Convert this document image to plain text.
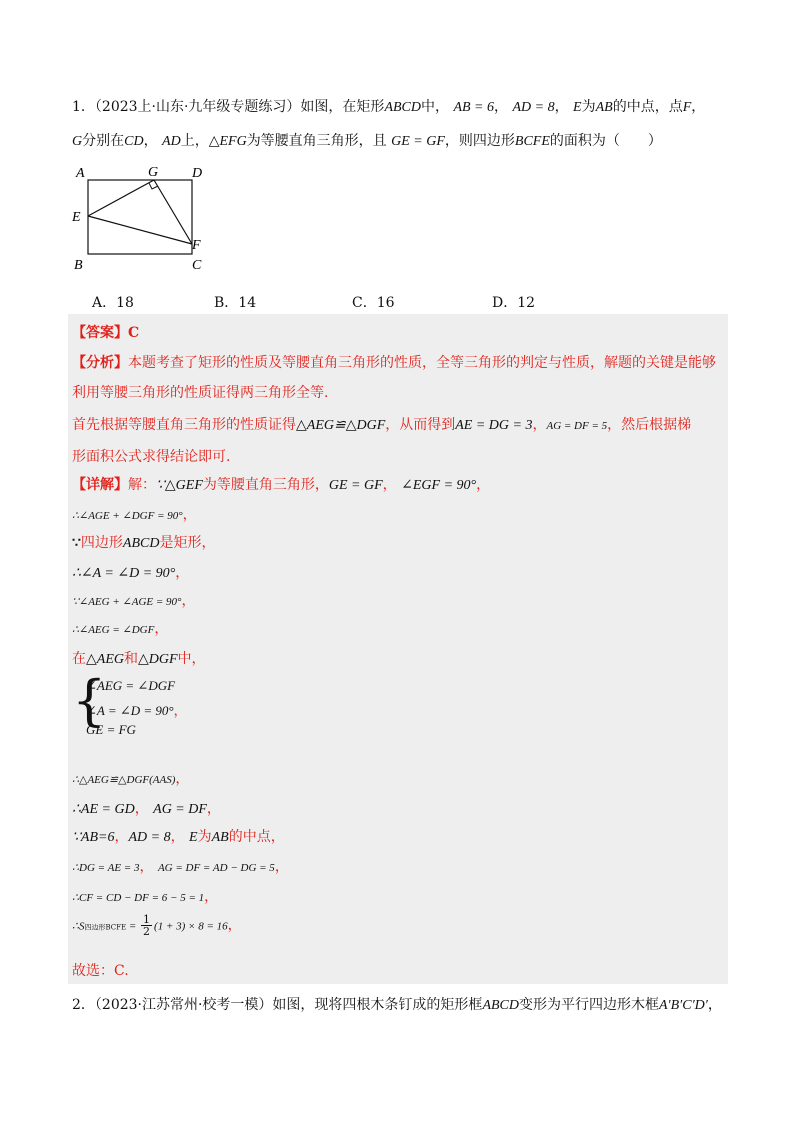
1．（2023上·山东·九年级专题练习）如图，在矩形ABCD中， AB = 6， AD = 8， E为AB的中点，点F，
G分别在CD， AD上，△EFG为等腰直角三角形，且 GE = GF，则四边形BCFE的面积为（　　）
A	G D
E
F
B	C
A．18	B．14	C．16	D．12
【答案】C
【分析】本题考查了矩形的性质及等腰直角三角形的性质，全等三角形的判定与性质，解题的关键是能够
利用等腰三角形的性质证得两三角形全等.
首先根据等腰直角三角形的性质证得△AEG≌△DGF，从而得到AE = DG = 3，AG = DF = 5，然后根据梯
形面积公式求得结论即可.
【详解】解：∵△GEF为等腰直角三角形，GE = GF， ∠EGF = 90°，
∴∠AGE + ∠DGF = 90°，
∵四边形ABCD是矩形，
∴∠A = ∠D = 90°，
∵∠AEG + ∠AGE = 90°，
∴∠AEG = ∠DGF，
在△AEG和△DGF中，
{
∠AEG = ∠DGF
∠A = ∠D = 90°，
GE = FG
∴△AEG≌△DGF(AAS)，
∴AE = GD， AG = DF，
∵AB=6，AD = 8， E为AB的中点，
∴DG = AE = 3， AG = DF = AD − DG = 5，
∴CF = CD − DF = 6 − 5 = 1，
∴S四边形BCFE = $\frac{1}{2} (1 + 3) \times 8 = 16$，
故选：C.
2．（2023·江苏常州·校考一模）如图，现将四根木条钉成的矩形框ABCD变形为平行四边形木框A′B′C′D′，
